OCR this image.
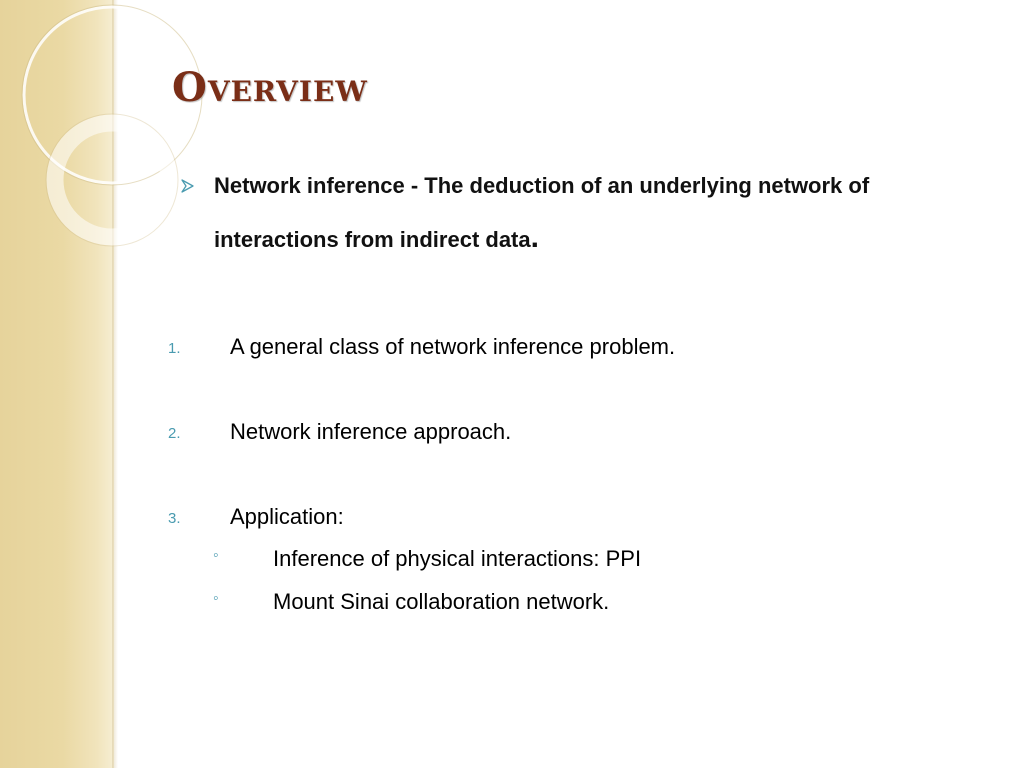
Overview
Network inference - The deduction of an underlying network of interactions from indirect data.
1. A general class of network inference problem.
2. Network inference approach.
3. Application:
◦ Inference of physical interactions: PPI
◦ Mount Sinai collaboration network.
